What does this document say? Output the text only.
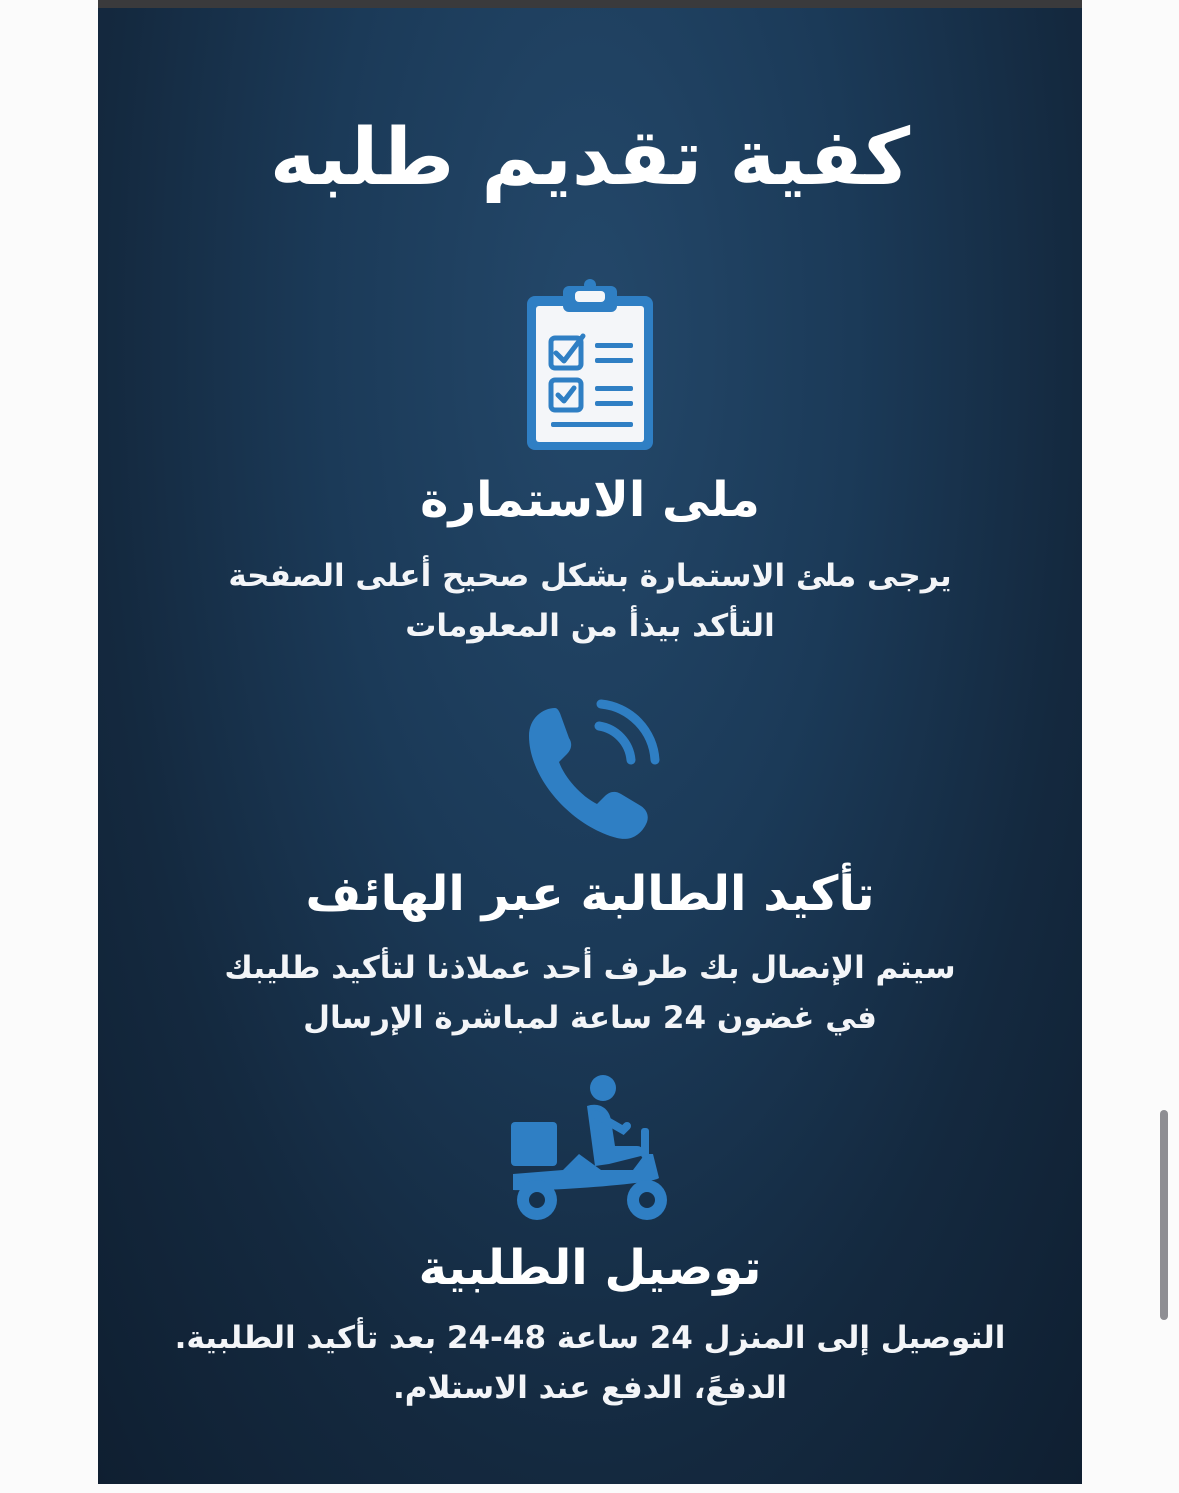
كفية تقديم طلبه
ملى الاستمارة
يرجى ملئ الاستمارة بشكل صحيح أعلى الصفحة
التأكد بيذأ من المعلومات
تأكيد الطالبة عبر الهائف
سيتم الإنصال بك طرف أحد عملاذنا لتأكيد طليبك
في غضون 24 ساعة لمباشرة الإرسال
توصيل الطلبية
التوصيل إلى المنزل 24 ساعة 48-24 بعد تأكيد الطلبية.
الدفعً، الدفع عند الاستلام.
